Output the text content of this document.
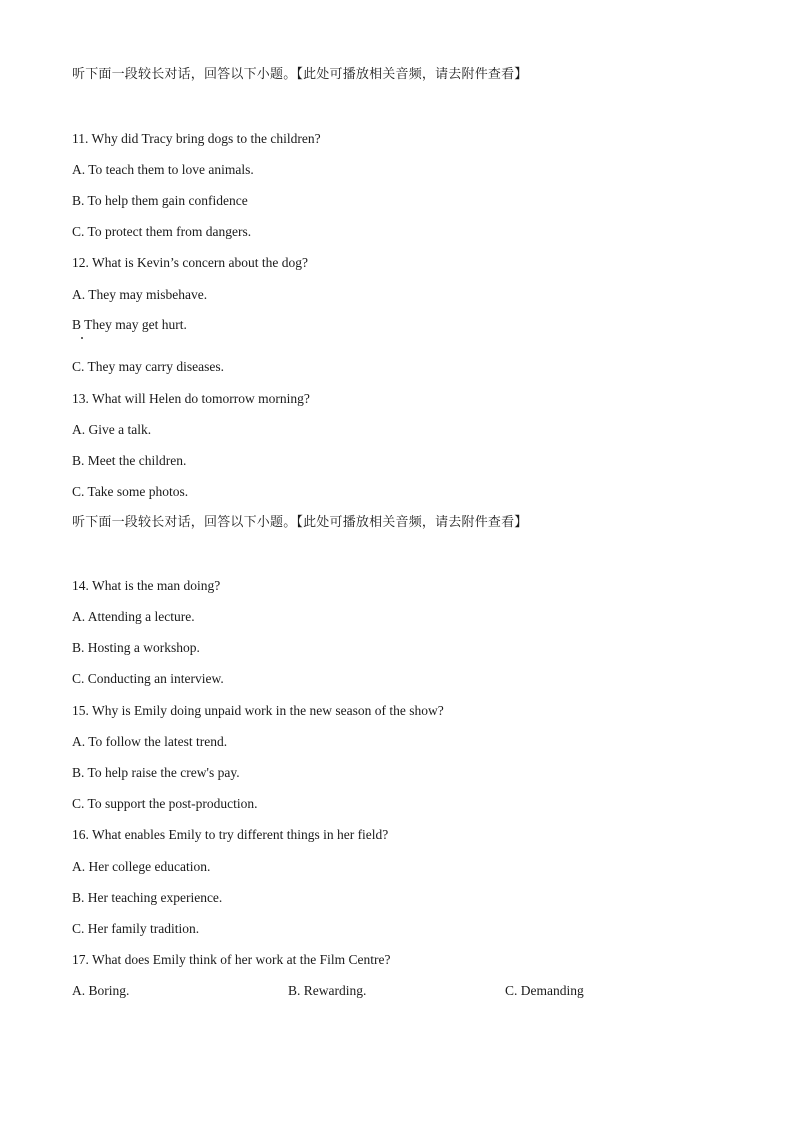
听下面一段较长对话，回答以下小题。【此处可播放相关音频，请去附件查看】

11. Why did Tracy bring dogs to the children?

A. To teach them to love animals.

B. To help them gain confidence

C. To protect them from dangers.

12. What is Kevin’s concern about the dog?

A. They may misbehave.

B They may get hurt.

C. They may carry diseases.

13. What will Helen do tomorrow morning?

A. Give a talk.

B. Meet the children.

C. Take some photos.

听下面一段较长对话，回答以下小题。【此处可播放相关音频，请去附件查看】

14. What is the man doing?

A. Attending a lecture.

B. Hosting a workshop.

C. Conducting an interview.

15. Why is Emily doing unpaid work in the new season of the show?

A. To follow the latest trend.

B. To help raise the crew's pay.

C. To support the post-production.

16. What enables Emily to try different things in her field?

A. Her college education.

B. Her teaching experience.

C. Her family tradition.

17. What does Emily think of her work at the Film Centre?

A. Boring.	B. Rewarding.	C. Demanding
